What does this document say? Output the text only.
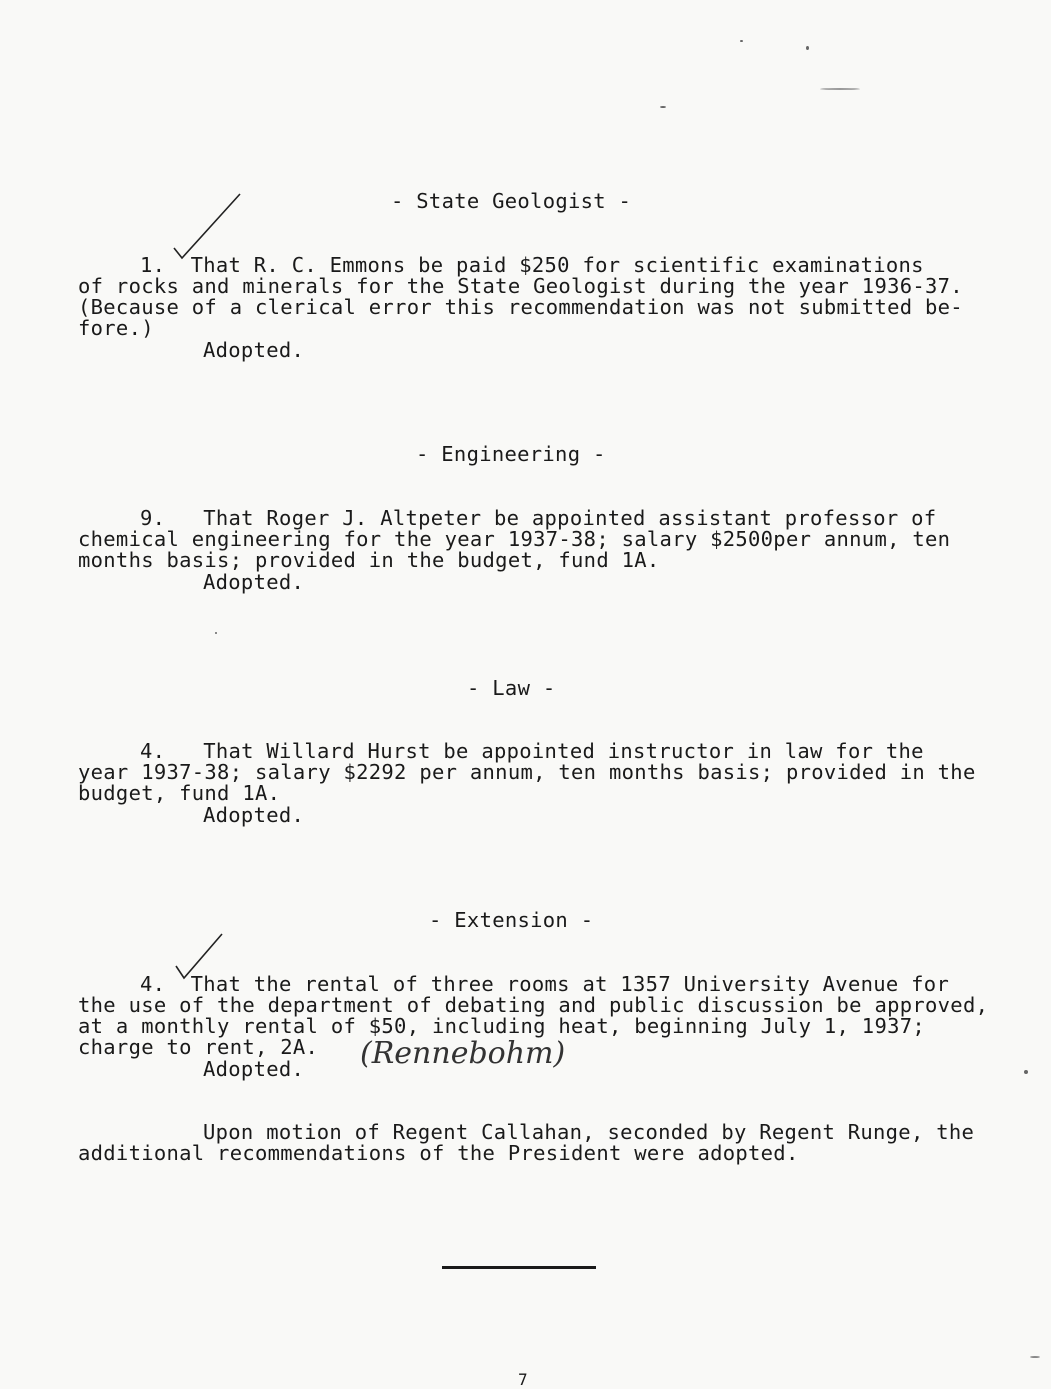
- State Geologist -
1.  That R. C. Emmons be paid $250 for scientific examinations
of rocks and minerals for the State Geologist during the year 1936-37.
(Because of a clerical error this recommendation was not submitted be-
fore.)
Adopted.
- Engineering -
9.   That Roger J. Altpeter be appointed assistant professor of
chemical engineering for the year 1937-38; salary $2500per annum, ten
months basis; provided in the budget, fund 1A.
Adopted.
- Law -
4.   That Willard Hurst be appointed instructor in law for the
year 1937-38; salary $2292 per annum, ten months basis; provided in the
budget, fund 1A.
Adopted.
- Extension -
4.  That the rental of three rooms at 1357 University Avenue for
the use of the department of debating and public discussion be approved,
at a monthly rental of $50, including heat, beginning July 1, 1937;
charge to rent, 2A.
Adopted. (Rennebohm)
Upon motion of Regent Callahan, seconded by Regent Runge, the
additional recommendations of the President were adopted.
7
